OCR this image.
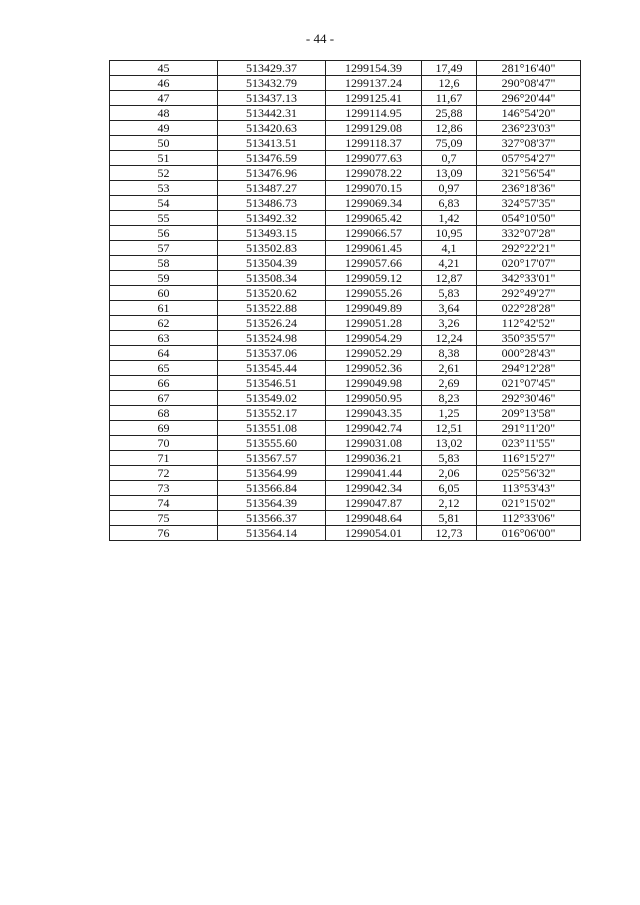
- 44 -
45	513429.37	1299154.39	17,49	281°16'40"
46	513432.79	1299137.24	12,6	290°08'47"
47	513437.13	1299125.41	11,67	296°20'44"
48	513442.31	1299114.95	25,88	146°54'20"
49	513420.63	1299129.08	12,86	236°23'03"
50	513413.51	1299118.37	75,09	327°08'37"
51	513476.59	1299077.63	0,7	057°54'27"
52	513476.96	1299078.22	13,09	321°56'54"
53	513487.27	1299070.15	0,97	236°18'36"
54	513486.73	1299069.34	6,83	324°57'35"
55	513492.32	1299065.42	1,42	054°10'50"
56	513493.15	1299066.57	10,95	332°07'28"
57	513502.83	1299061.45	4,1	292°22'21"
58	513504.39	1299057.66	4,21	020°17'07"
59	513508.34	1299059.12	12,87	342°33'01"
60	513520.62	1299055.26	5,83	292°49'27"
61	513522.88	1299049.89	3,64	022°28'28"
62	513526.24	1299051.28	3,26	112°42'52"
63	513524.98	1299054.29	12,24	350°35'57"
64	513537.06	1299052.29	8,38	000°28'43"
65	513545.44	1299052.36	2,61	294°12'28"
66	513546.51	1299049.98	2,69	021°07'45"
67	513549.02	1299050.95	8,23	292°30'46"
68	513552.17	1299043.35	1,25	209°13'58"
69	513551.08	1299042.74	12,51	291°11'20"
70	513555.60	1299031.08	13,02	023°11'55"
71	513567.57	1299036.21	5,83	116°15'27"
72	513564.99	1299041.44	2,06	025°56'32"
73	513566.84	1299042.34	6,05	113°53'43"
74	513564.39	1299047.87	2,12	021°15'02"
75	513566.37	1299048.64	5,81	112°33'06"
76	513564.14	1299054.01	12,73	016°06'00"
